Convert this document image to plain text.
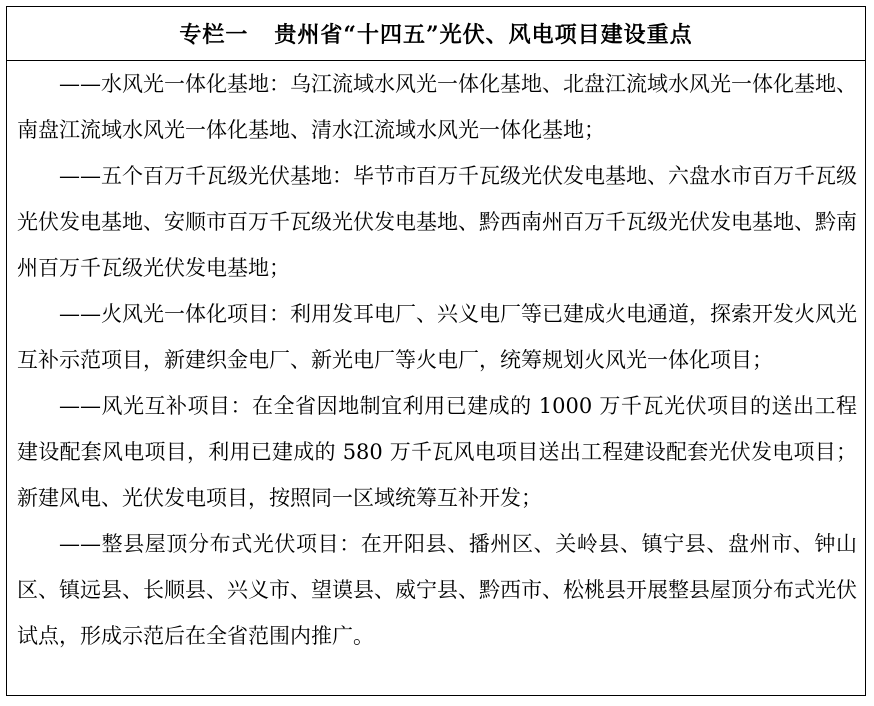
专栏一 贵州省“十四五”光伏、风电项目建设重点

——水风光一体化基地：乌江流域水风光一体化基地、北盘江流域水风光一体化基地、南盘江流域水风光一体化基地、清水江流域水风光一体化基地；

——五个百万千瓦级光伏基地：毕节市百万千瓦级光伏发电基地、六盘水市百万千瓦级光伏发电基地、安顺市百万千瓦级光伏发电基地、黔西南州百万千瓦级光伏发电基地、黔南州百万千瓦级光伏发电基地；

——火风光一体化项目：利用发耳电厂、兴义电厂等已建成火电通道，探索开发火风光互补示范项目，新建织金电厂、新光电厂等火电厂，统筹规划火风光一体化项目；

——风光互补项目：在全省因地制宜利用已建成的 1000 万千瓦光伏项目的送出工程建设配套风电项目，利用已建成的 580 万千瓦风电项目送出工程建设配套光伏发电项目；新建风电、光伏发电项目，按照同一区域统筹互补开发；

——整县屋顶分布式光伏项目：在开阳县、播州区、关岭县、镇宁县、盘州市、钟山区、镇远县、长顺县、兴义市、望谟县、威宁县、黔西市、松桃县开展整县屋顶分布式光伏试点，形成示范后在全省范围内推广。
